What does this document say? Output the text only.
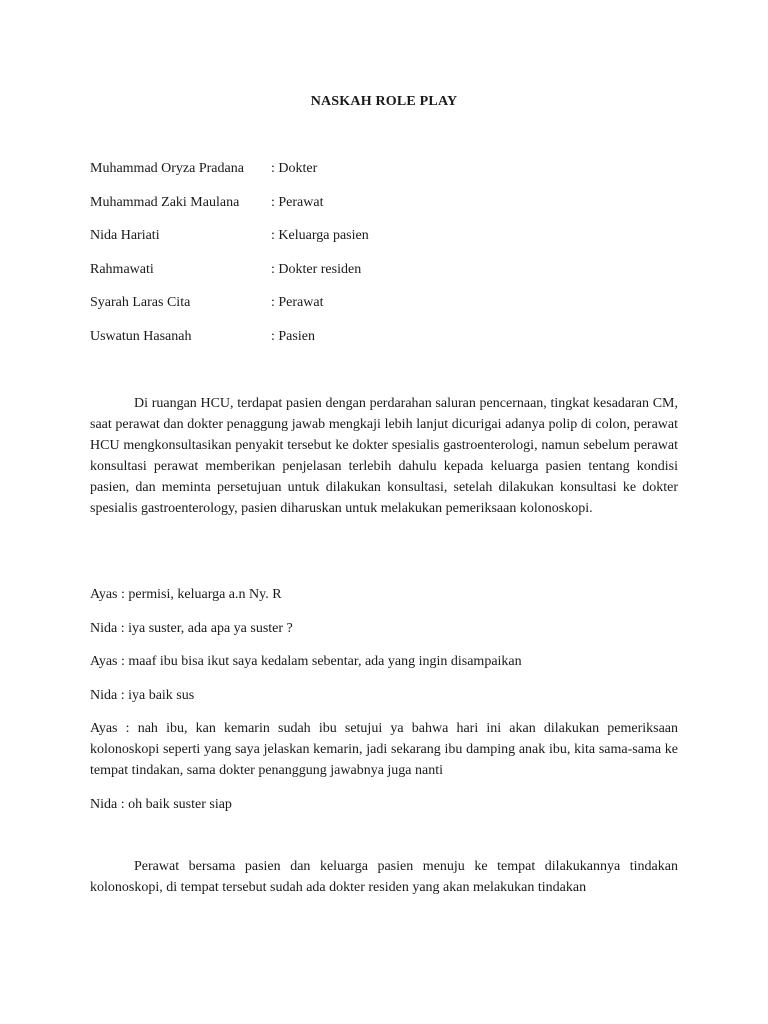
NASKAH ROLE PLAY
Muhammad Oryza Pradana : Dokter
Muhammad Zaki Maulana : Perawat
Nida Hariati	: Keluarga pasien
Rahmawati	: Dokter residen
Syarah Laras Cita	: Perawat
Uswatun Hasanah	: Pasien

Di ruangan HCU, terdapat pasien dengan perdarahan saluran pencernaan, tingkat kesadaran CM, saat perawat dan dokter penaggung jawab mengkaji lebih lanjut dicurigai adanya polip di colon, perawat HCU mengkonsultasikan penyakit tersebut ke dokter spesialis gastroenterologi, namun sebelum perawat konsultasi perawat memberikan penjelasan terlebih dahulu kepada keluarga pasien tentang kondisi pasien, dan meminta persetujuan untuk dilakukan konsultasi, setelah dilakukan konsultasi ke dokter spesialis gastroenterology, pasien diharuskan untuk melakukan pemeriksaan kolonoskopi.

Ayas : permisi, keluarga a.n Ny. R

Nida : iya suster, ada apa ya suster ?

Ayas : maaf ibu bisa ikut saya kedalam sebentar, ada yang ingin disampaikan

Nida : iya baik sus

Ayas : nah ibu, kan kemarin sudah ibu setujui ya bahwa hari ini akan dilakukan pemeriksaan kolonoskopi seperti yang saya jelaskan kemarin, jadi sekarang ibu damping anak ibu, kita sama-sama ke tempat tindakan, sama dokter penanggung jawabnya juga nanti

Nida : oh baik suster siap

Perawat bersama pasien dan keluarga pasien menuju ke tempat dilakukannya tindakan kolonoskopi, di tempat tersebut sudah ada dokter residen yang akan melakukan tindakan
